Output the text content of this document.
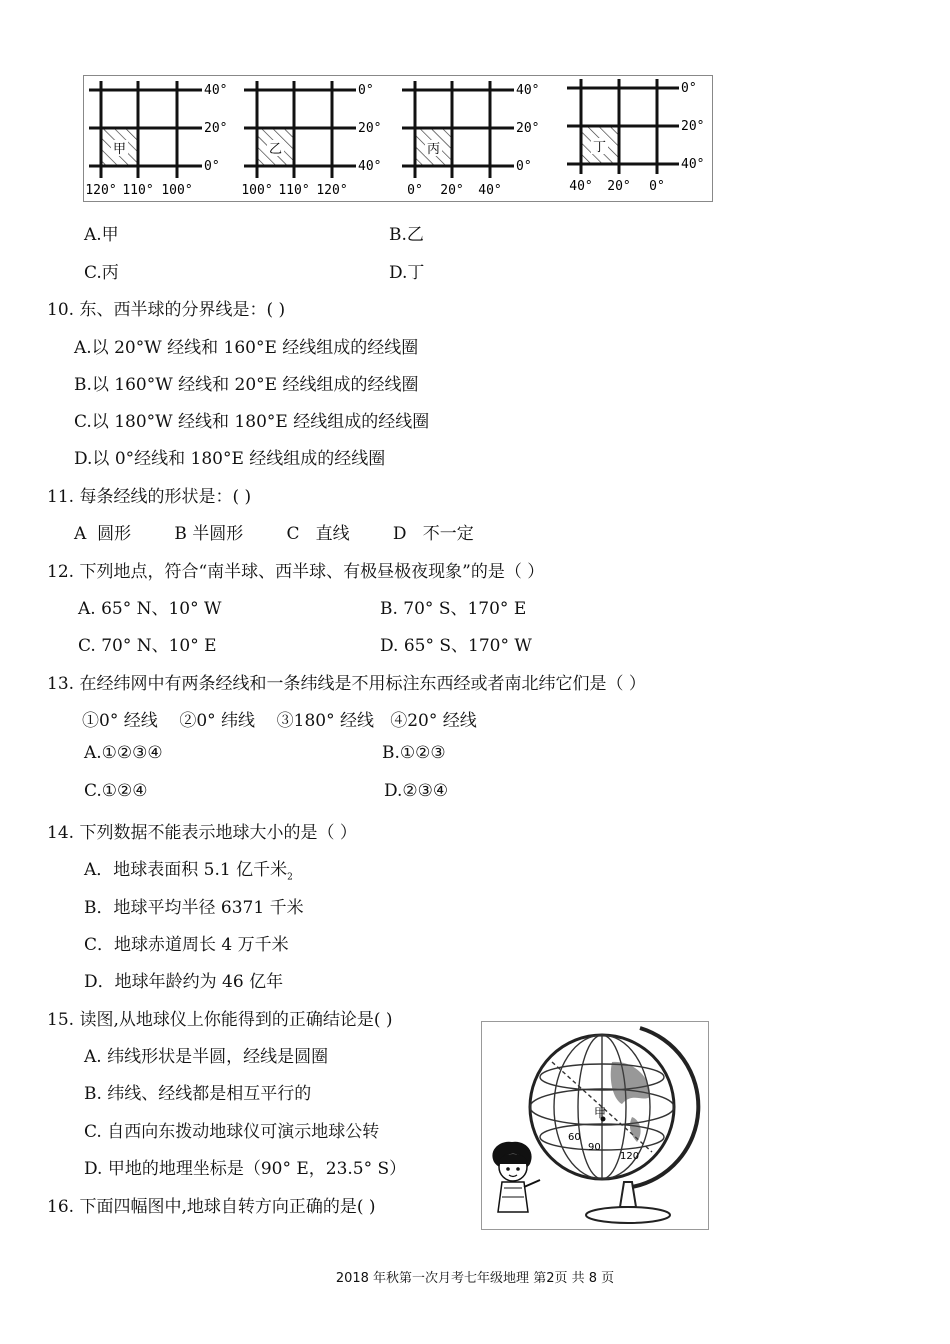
甲
40°
20°
0°
120° 110° 100°
乙
0°
20°
40°
100° 110° 120°
丙
40°
20°
0°
0° 20° 40°
丁
0°
20°
40°
40° 20° 0°
A.甲	B.乙
C.丙	D.丁
10. 东、西半球的分界线是：( )
A.以 20°W 经线和 160°E 经线组成的经线圈
B.以 160°W 经线和 20°E 经线组成的经线圈
C.以 180°W 经线和 180°E 经线组成的经线圈
D.以 0°经线和 180°E 经线组成的经线圈
11. 每条经线的形状是：( )
A  圆形        B 半圆形        C   直线        D   不一定
12. 下列地点，符合“南半球、西半球、有极昼极夜现象”的是（ ）
A. 65° N、10° W	B. 70° S、170° E
C. 70° N、10° E	D. 65° S、170° W
13. 在经纬网中有两条经线和一条纬线是不用标注东西经或者南北纬它们是（ ）
①0° 经线    ②0° 纬线    ③180° 经线   ④20° 经线
A.①②③④	B.①②③
C.①②④	D.②③④
14. 下列数据不能表示地球大小的是（ ）
A．地球表面积 5.1 亿千米$_2$
B．地球平均半径 6371 千米
C．地球赤道周长 4 万千米
D．地球年龄约为 46 亿年
15. 读图,从地球仪上你能得到的正确结论是( )
A. 纬线形状是半圆，经线是圆圈
B. 纬线、经线都是相互平行的
C. 自西向东拨动地球仪可演示地球公转
D. 甲地的地理坐标是（90° E，23.5° S）
甲
60
90
120
16. 下面四幅图中,地球自转方向正确的是( )
2018 年秋第一次月考七年级地理 第2页 共 8 页
